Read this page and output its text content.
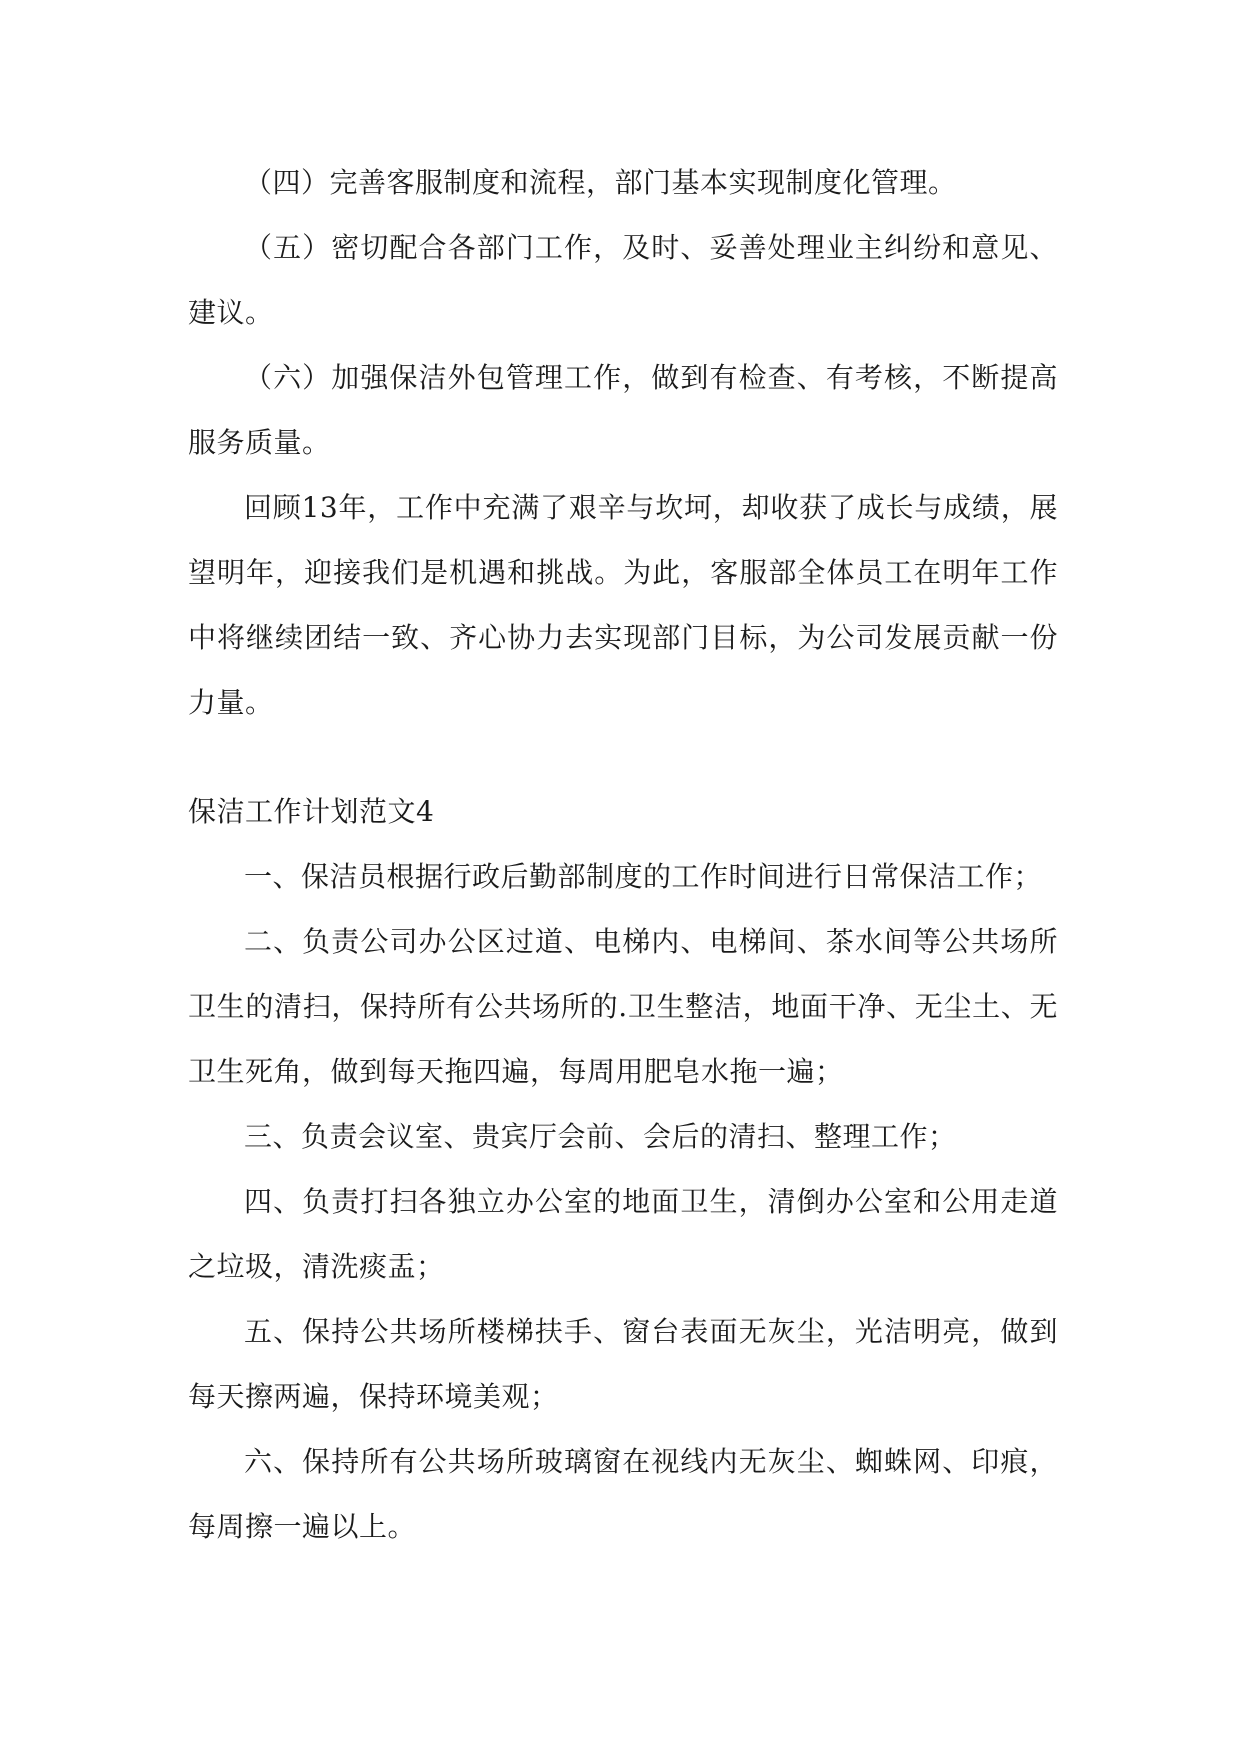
（四）完善客服制度和流程，部门基本实现制度化管理。

（五）密切配合各部门工作，及时、妥善处理业主纠纷和意见、建议。

（六）加强保洁外包管理工作，做到有检查、有考核，不断提高服务质量。

回顾13年，工作中充满了艰辛与坎坷，却收获了成长与成绩，展望明年，迎接我们是机遇和挑战。为此，客服部全体员工在明年工作中将继续团结一致、齐心协力去实现部门目标，为公司发展贡献一份力量。

保洁工作计划范文4

一、保洁员根据行政后勤部制度的工作时间进行日常保洁工作；

二、负责公司办公区过道、电梯内、电梯间、茶水间等公共场所卫生的清扫，保持所有公共场所的.卫生整洁，地面干净、无尘土、无卫生死角，做到每天拖四遍，每周用肥皂水拖一遍；

三、负责会议室、贵宾厅会前、会后的清扫、整理工作；

四、负责打扫各独立办公室的地面卫生，清倒办公室和公用走道之垃圾，清洗痰盂；

五、保持公共场所楼梯扶手、窗台表面无灰尘，光洁明亮，做到每天擦两遍，保持环境美观；

六、保持所有公共场所玻璃窗在视线内无灰尘、蜘蛛网、印痕，每周擦一遍以上。
